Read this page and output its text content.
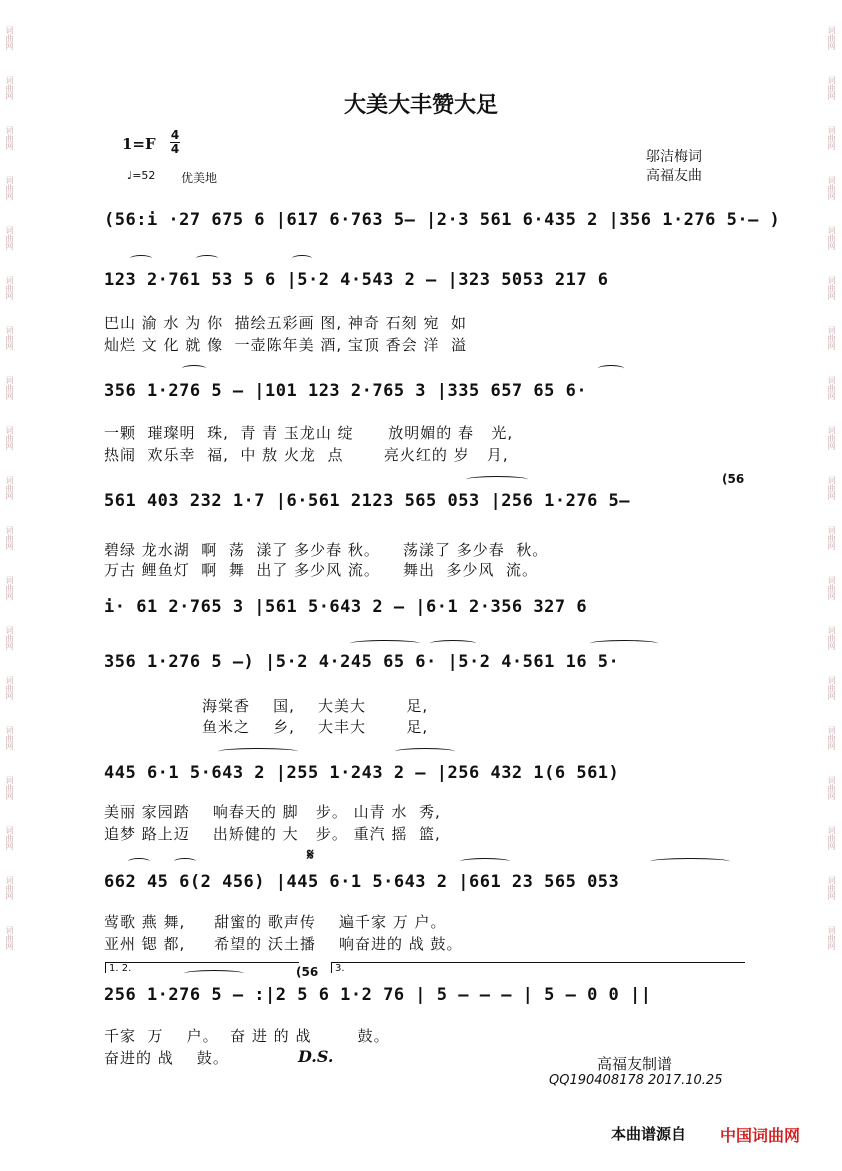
词曲网
词曲网
词曲网
词曲网
词曲网
词曲网
词曲网
词曲网
词曲网
词曲网
词曲网
词曲网
词曲网
词曲网
词曲网
词曲网
词曲网
词曲网
词曲网
词曲网
词曲网
词曲网
词曲网
词曲网
词曲网
词曲网
词曲网
词曲网
词曲网
词曲网
词曲网
词曲网
词曲网
词曲网
词曲网
词曲网
词曲网
词曲网
大美大丰赞大足
1=F 4
4
♩=52 优美地
邬洁梅词
高福友曲
(56:i ·27 675 6 |617 6·763 5– |2·3 561 6·435 2 |356 1·276 5·– )
123 2·761 53 5 6 |5·2 4·543 2 – |323 5053 217 6
巴山 渝 水 为 你  描绘五彩画 图, 神奇 石刻 宛  如
灿烂 文 化 就 像  一壶陈年美 酒, 宝顶 香会 洋  溢
356 1·276 5 – |101 123 2·765 3 |335 657 65 6·
一颗  璀璨明  珠,  青 青 玉龙山 绽      放明媚的 春   光,
热闹  欢乐幸  福,  中 敖 火龙  点       亮火红的 岁   月,
561 403 232 1·7 |6·561 2123 565 053 |256 1·276 5–
(56
碧绿 龙水湖  啊  荡  漾了 多少春 秋。    荡漾了 多少春  秋。
万古 鲤鱼灯  啊  舞  出了 多少风 流。    舞出  多少风  流。
i· 61 2·765 3 |561 5·643 2 – |6·1 2·356 327 6
356 1·276 5 –) |5·2 4·245 65 6· |5·2 4·561 16 5·
海棠香    国,    大美大       足,
鱼米之    乡,    大丰大       足,
445 6·1 5·643 2 |255 1·243 2 – |256 432 1(6 561)
美丽 家园踏    响春天的 脚   步。 山青 水  秀,
追梦 路上迈    出矫健的 大   步。 重汽 摇  篮,
𝄋
662 45 6(2 456) |445 6·1 5·643 2 |661 23 565 053
莺歌 燕 舞,     甜蜜的 歌声传    遍千家 万 户。
亚州 锶 都,     希望的 沃土播    响奋进的 战 鼓。
1. 2.	(56	3.
256 1·276 5 – :|2 5 6 1·2 76 | 5 – – – | 5 – 0 0 ||
千家  万    户。  奋 进 的 战        鼓。
奋进的 战    鼓。	D.S.	高福友制谱
QQ190408178 2017.10.25
本曲谱源自 中国词曲网
